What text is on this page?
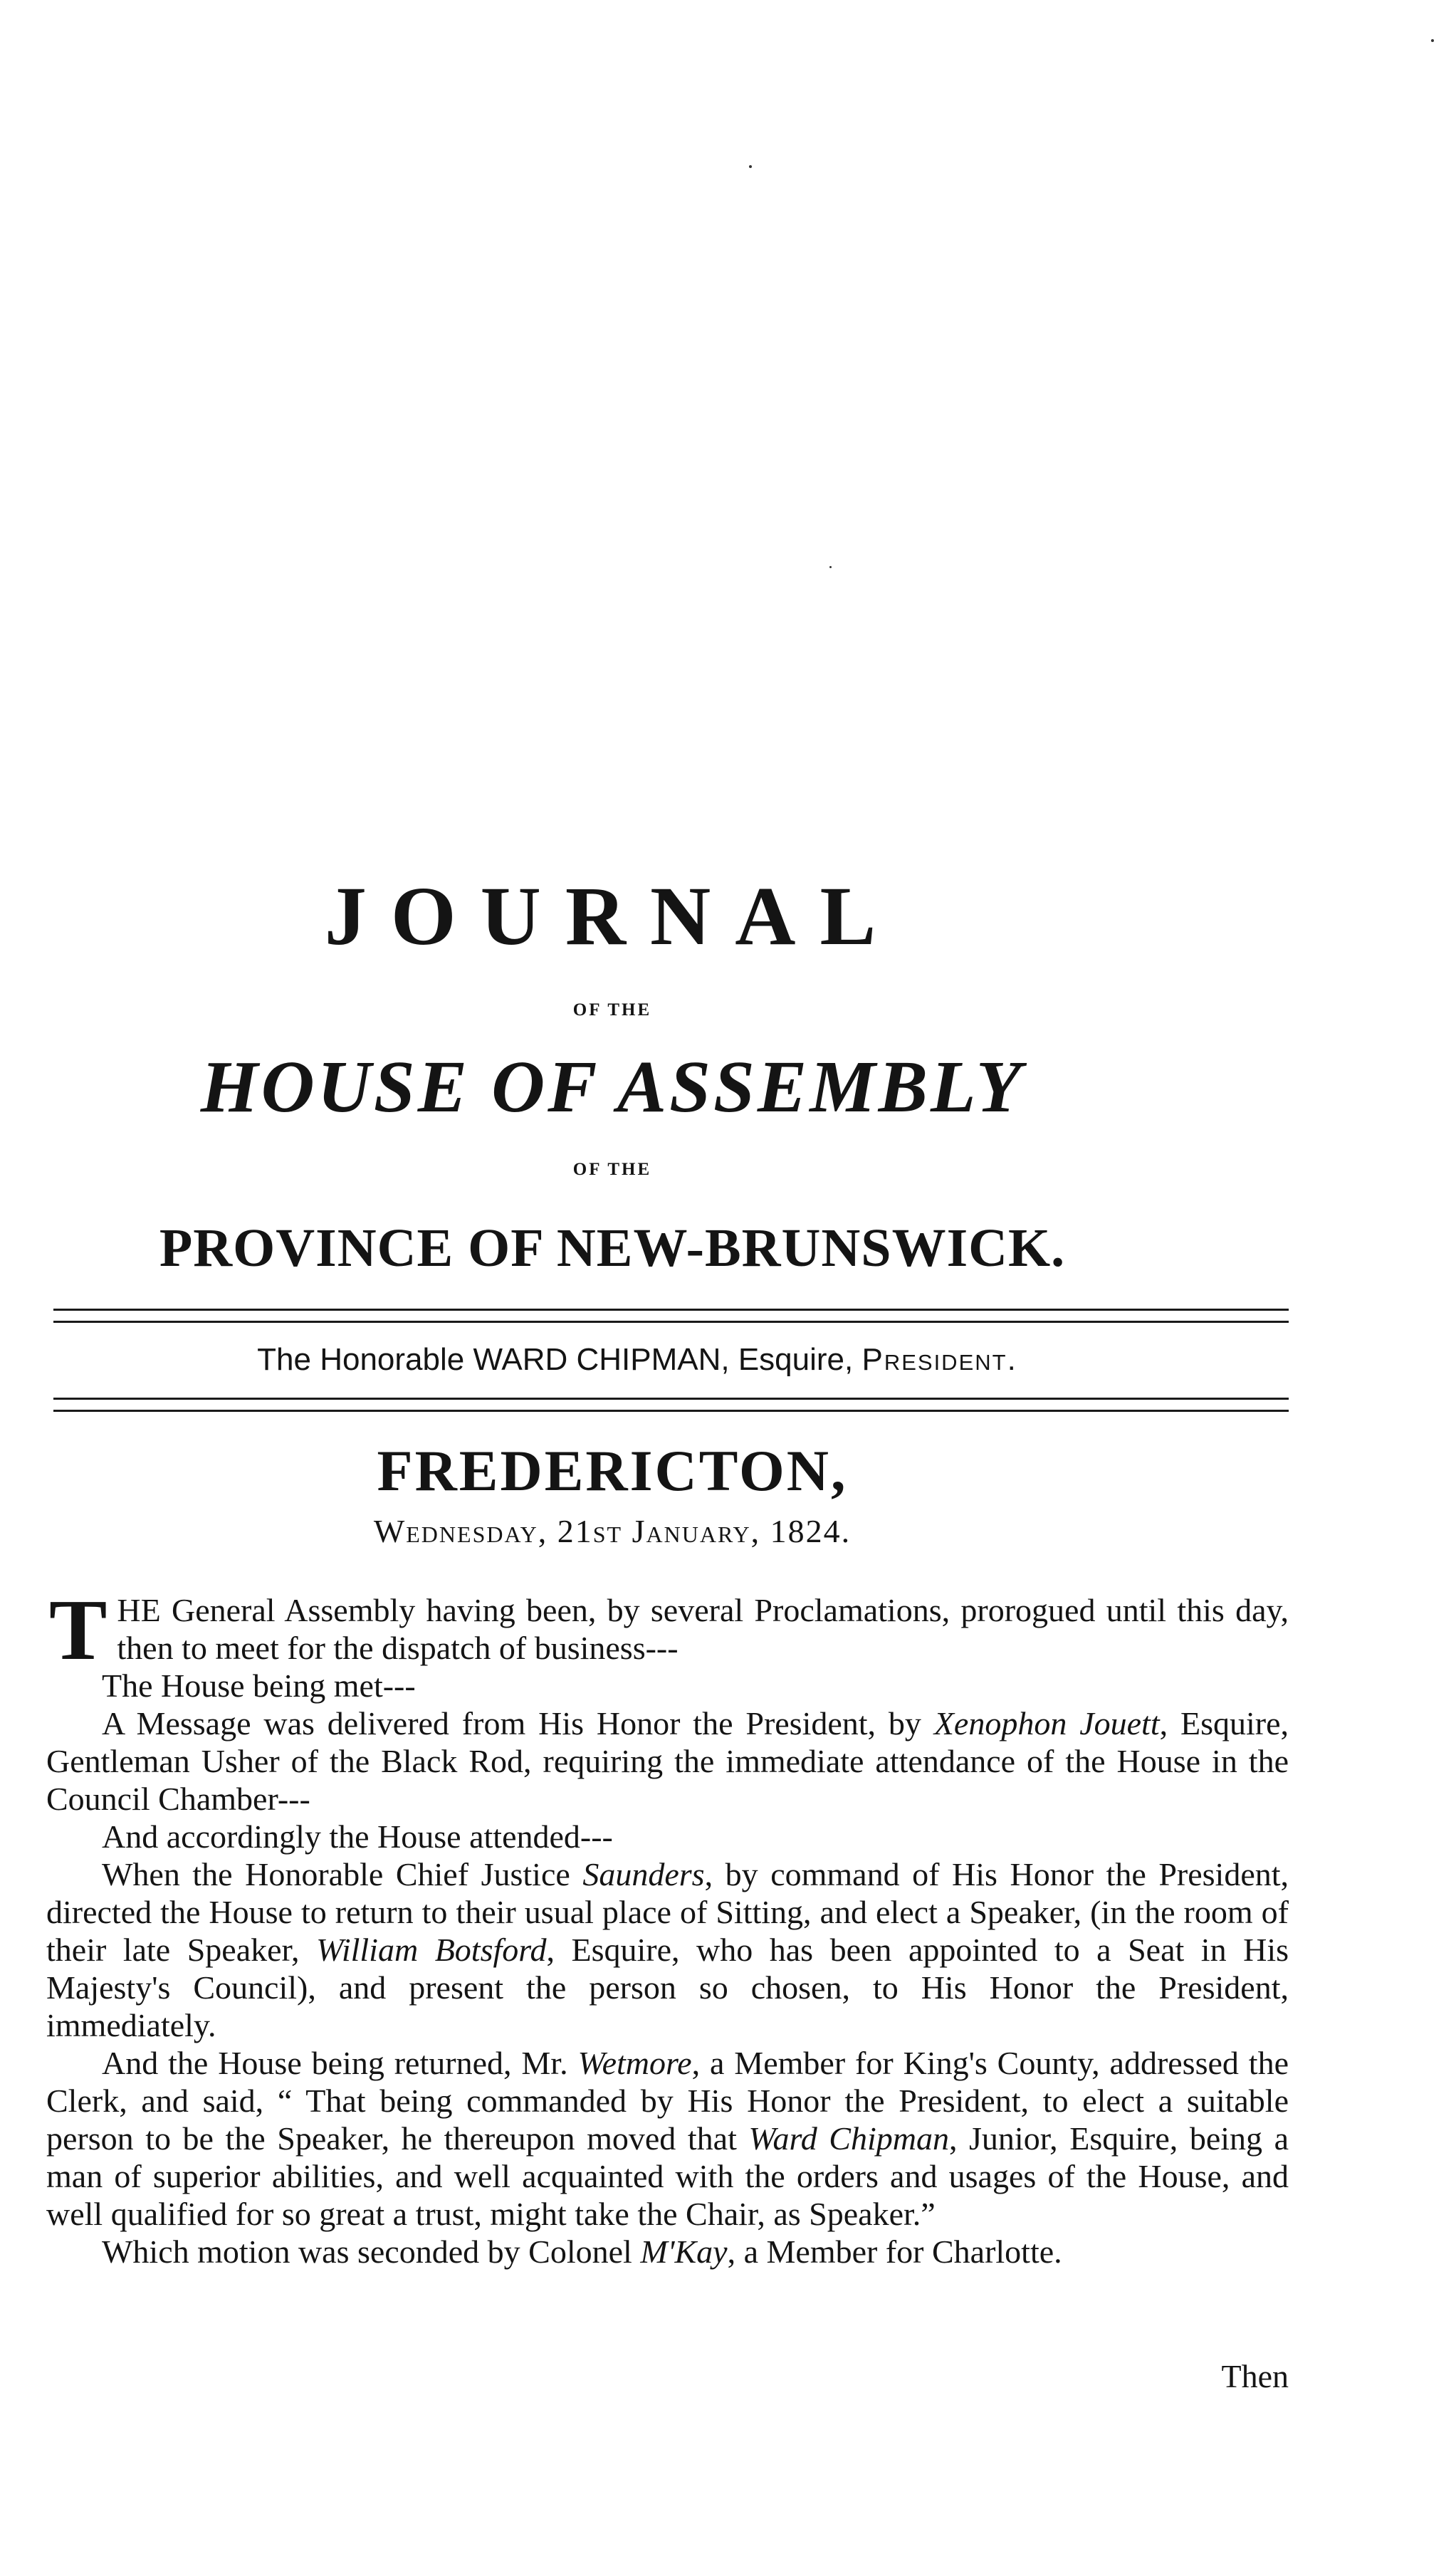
JOURNAL
OF THE
HOUSE OF ASSEMBLY
OF THE
PROVINCE OF NEW-BRUNSWICK.
The Honorable WARD CHIPMAN, Esquire, President.
FREDERICTON,
Wednesday, 21st January, 1824.

THE General Assembly having been, by several Proclamations, prorogued until this day, then to meet for the dispatch of business---

The House being met---

A Message was delivered from His Honor the President, by Xenophon Jouett, Esquire, Gentleman Usher of the Black Rod, requiring the immediate attendance of the House in the Council Chamber---

And accordingly the House attended---

When the Honorable Chief Justice Saunders, by command of His Honor the President, directed the House to return to their usual place of Sitting, and elect a Speaker, (in the room of their late Speaker, William Botsford, Esquire, who has been appointed to a Seat in His Majesty's Council), and present the person so chosen, to His Honor the President, immediately.

And the House being returned, Mr. Wetmore, a Member for King's County, addressed the Clerk, and said, “ That being commanded by His Honor the President, to elect a suitable person to be the Speaker, he thereupon moved that Ward Chipman, Junior, Esquire, being a man of superior abilities, and well acquainted with the orders and usages of the House, and well qualified for so great a trust, might take the Chair, as Speaker.”

Which motion was seconded by Colonel M'Kay, a Member for Charlotte.

Then
